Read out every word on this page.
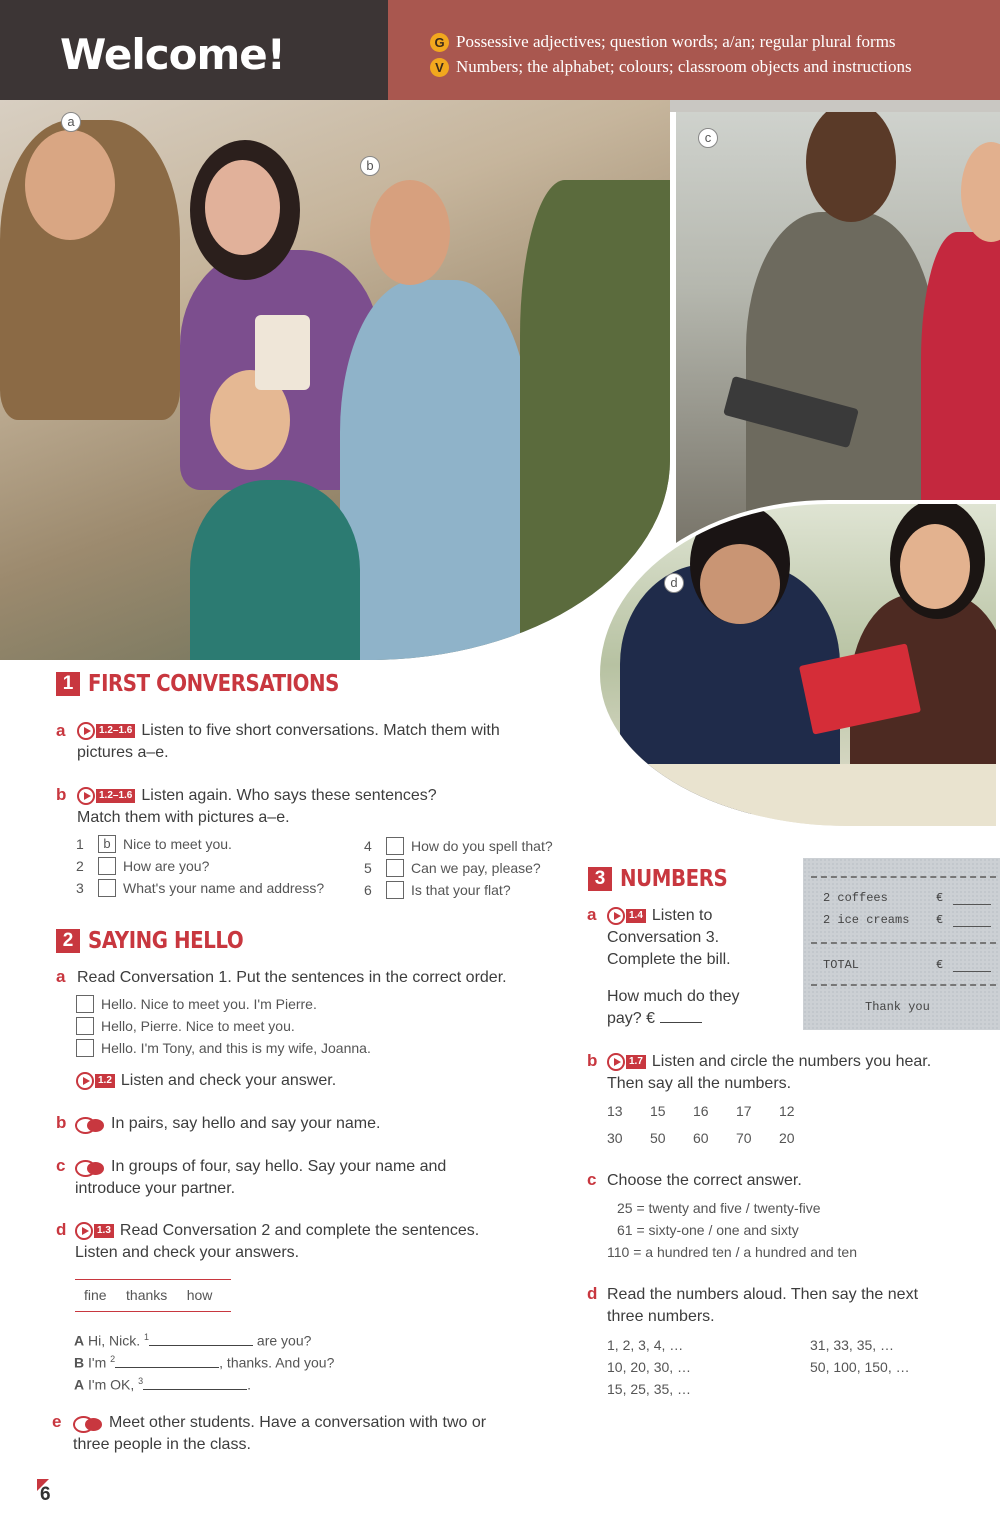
Welcome!	G Possessive adjectives; question words; a/an; regular plural forms
V Numbers; the alphabet; colours; classroom objects and instructions
a
b
c
d
1 FIRST CONVERSATIONS
a	1.2–1.6 Listen to five short conversations. Match them with
pictures a–e.
b	1.2–1.6 Listen again. Who says these sentences?
Match them with pictures a–e.
1	b Nice to meet you.
2	How are you?
3	What's your name and address?
4	How do you spell that?
5	Can we pay, please?
6	Is that your flat?
2 SAYING HELLO
a Read Conversation 1. Put the sentences in the correct order.
Hello. Nice to meet you. I'm Pierre.
Hello, Pierre. Nice to meet you.
Hello. I'm Tony, and this is my wife, Joanna.
1.2 Listen and check your answer.
b	In pairs, say hello and say your name.
c	In groups of four, say hello. Say your name and
introduce your partner.
d	1.3 Read Conversation 2 and complete the sentences.
Listen and check your answers.
fine thanks how
A Hi, Nick. $^1$	are you?
B I'm $^2$	, thanks. And you?
A I'm OK, $^3$	.
e	Meet other students. Have a conversation with two or
three people in the class.
3 NUMBERS
a	1.4 Listen to
Conversation 3.
Complete the bill.
How much do they
pay? €
2 coffees	€
2 ice creams €
TOTAL	€
Thank you
b	1.7 Listen and circle the numbers you hear.
Then say all the numbers.
13 15 16 17 12
30 50 60 70 20
c Choose the correct answer.
25 = twenty and five / twenty-five
61 = sixty-one / one and sixty
110 = a hundred ten / a hundred and ten
d Read the numbers aloud. Then say the next
three numbers.
1, 2, 3, 4, …
10, 20, 30, …
15, 25, 35, …
31, 33, 35, …
50, 100, 150, …
6
